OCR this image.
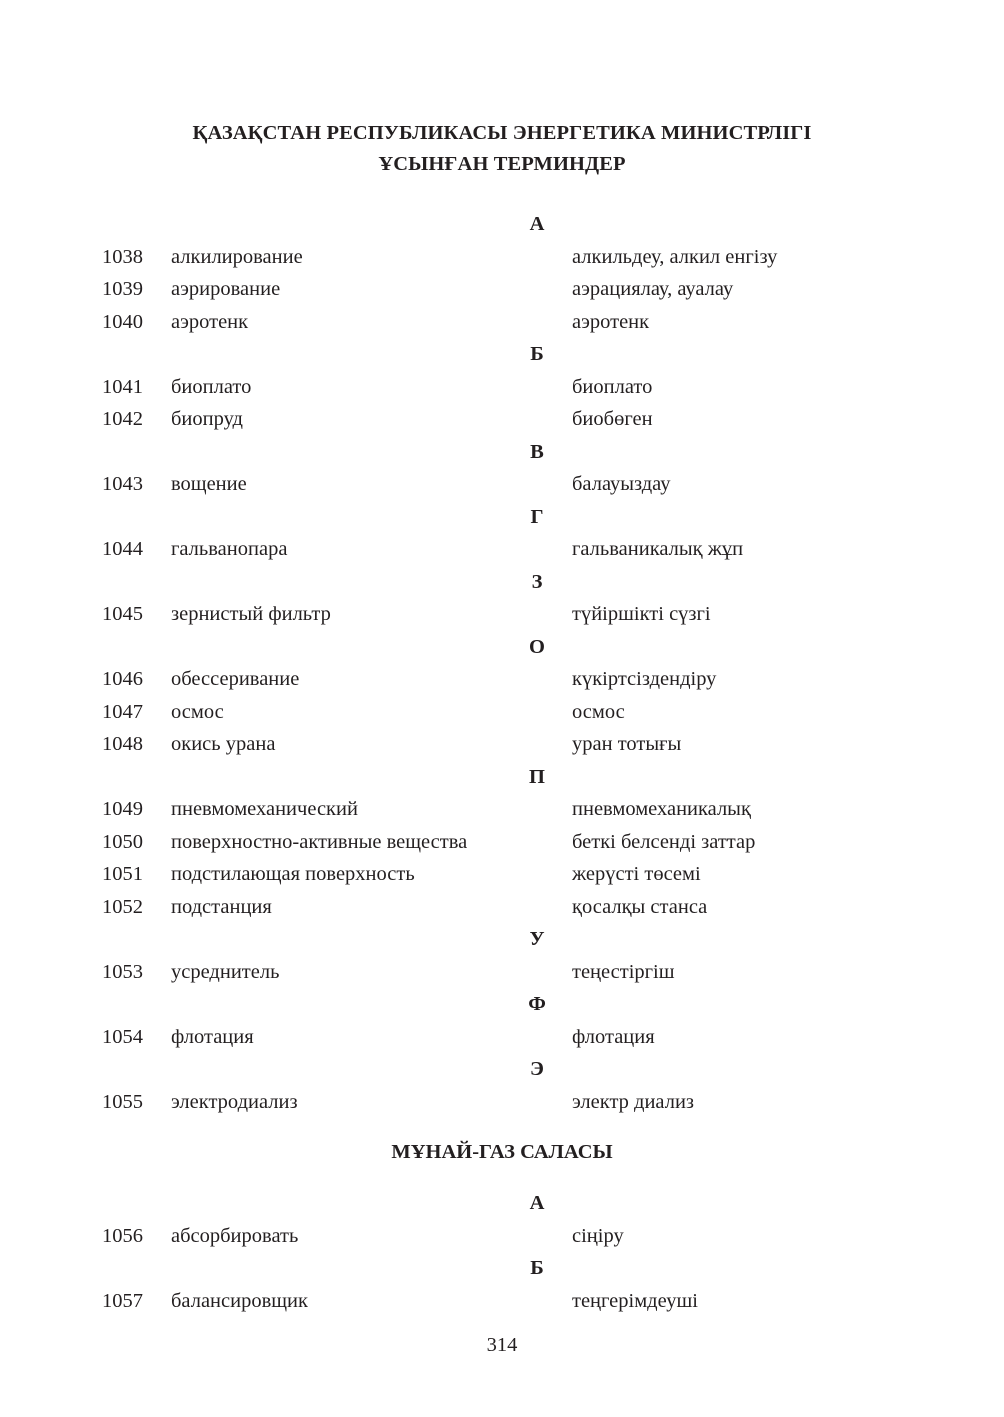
ҚАЗАҚСТАН РЕСПУБЛИКАСЫ ЭНЕРГЕТИКА МИНИСТРЛІГІ
ҰСЫНҒАН ТЕРМИНДЕР
А
1038 алкилирование	алкильдеу, алкил енгізу
1039 аэрирование	аэрациялау, ауалау
1040 аэротенк	аэротенк
Б
1041 биоплато	биоплато
1042 биопруд	биобөген
В
1043 вощение	балауыздау
Г
1044 гальванопара	гальваникалық жұп
З
1045 зернистый фильтр	түйіршікті сүзгі
О
1046 обессеривание	күкіртсіздендіру
1047 осмос	осмос
1048 окись урана	уран тотығы
П
1049 пневмомеханический	пневмомеханикалық
1050 поверхностно-активные вещества	беткі белсенді заттар
1051 подстилающая поверхность	жерүсті төсемі
1052 подстанция	қосалқы станса
У
1053 усреднитель	теңестіргіш
Ф
1054 флотация	флотация
Э
1055 электродиализ	электр диализ
МҰНАЙ-ГАЗ САЛАСЫ
А
1056 абсорбировать	сіңіру
Б
1057 балансировщик	теңгерімдеуші
314
